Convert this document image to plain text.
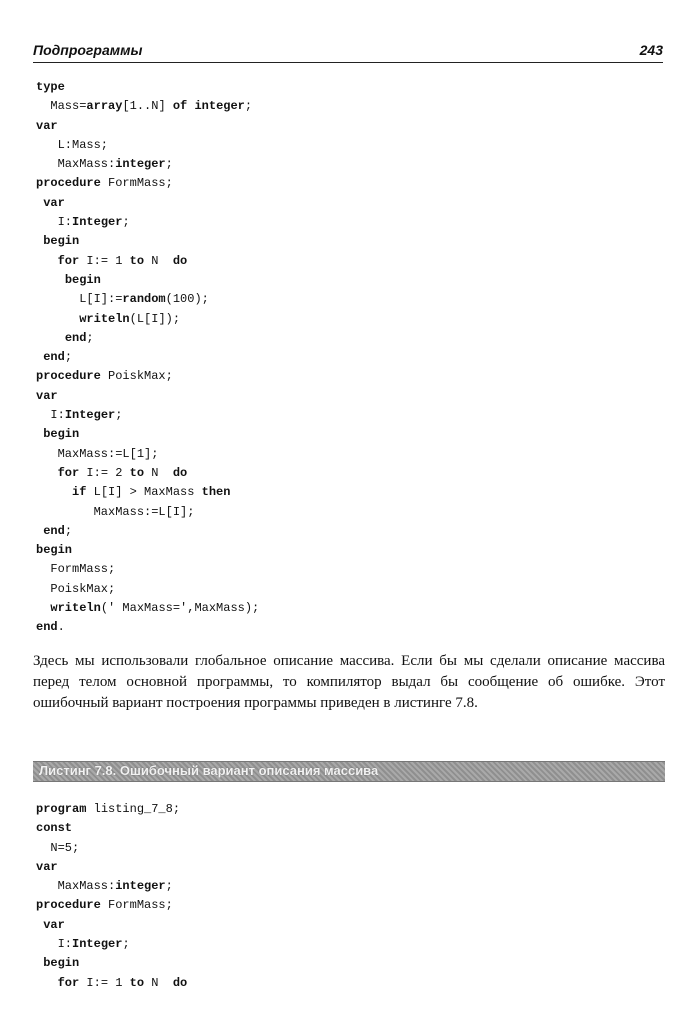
Подпрограммы	243
type
Mass=array[1..N] of integer;
var
L:Mass;
MaxMass:integer;
procedure FormMass;
var
I:Integer;
begin
for I:= 1 to N  do
begin
L[I]:=random(100);
writeln(L[I]);
end;
end;
procedure PoiskMax;
var
I:Integer;
begin
MaxMass:=L[1];
for I:= 2 to N  do
if L[I] > MaxMass then
MaxMass:=L[I];
end;
begin
FormMass;
PoiskMax;
writeln(' MaxMass=',MaxMass);
end.

Здесь мы использовали глобальное описание массива. Если бы мы сделали описание массива перед телом основной программы, то компилятор выдал бы сообщение об ошибке. Этот ошибочный вариант построения программы приведен в листинге 7.8.

Листинг 7.8. Ошибочный вариант описания массива
program listing_7_8;
const
N=5;
var
MaxMass:integer;
procedure FormMass;
var
I:Integer;
begin
for I:= 1 to N  do
